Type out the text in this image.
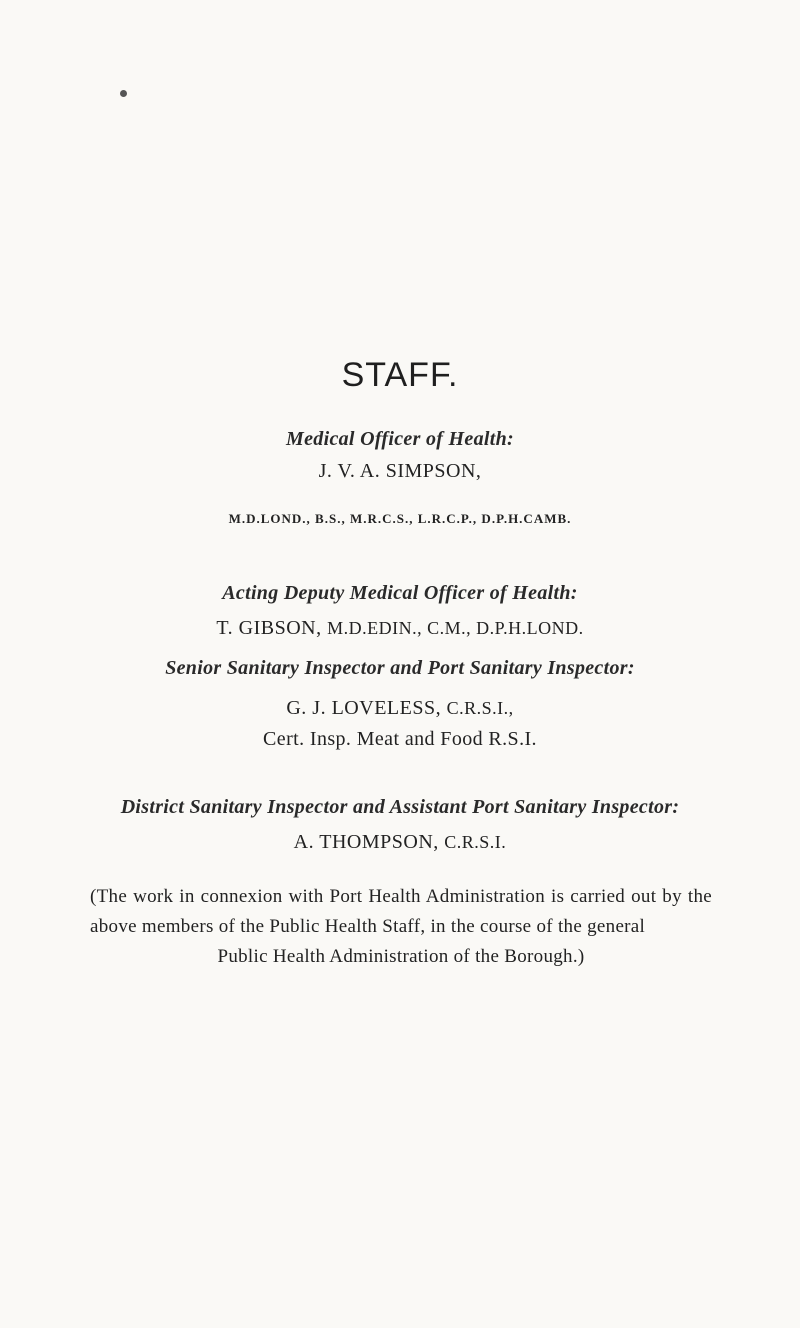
STAFF.
Medical Officer of Health:
J. V. A. SIMPSON,
M.D.LOND., B.S., M.R.C.S., L.R.C.P., D.P.H.CAMB.
Acting Deputy Medical Officer of Health:
T. GIBSON, M.D.EDIN., C.M., D.P.H.LOND.
Senior Sanitary Inspector and Port Sanitary Inspector:
G. J. LOVELESS, C.R.S.I.,
Cert. Insp. Meat and Food R.S.I.
District Sanitary Inspector and Assistant Port Sanitary Inspector:
A. THOMPSON, C.R.S.I.
(The work in connexion with Port Health Administration is carried out by the above members of the Public Health Staff, in the course of the general
Public Health Administration of the Borough.)
